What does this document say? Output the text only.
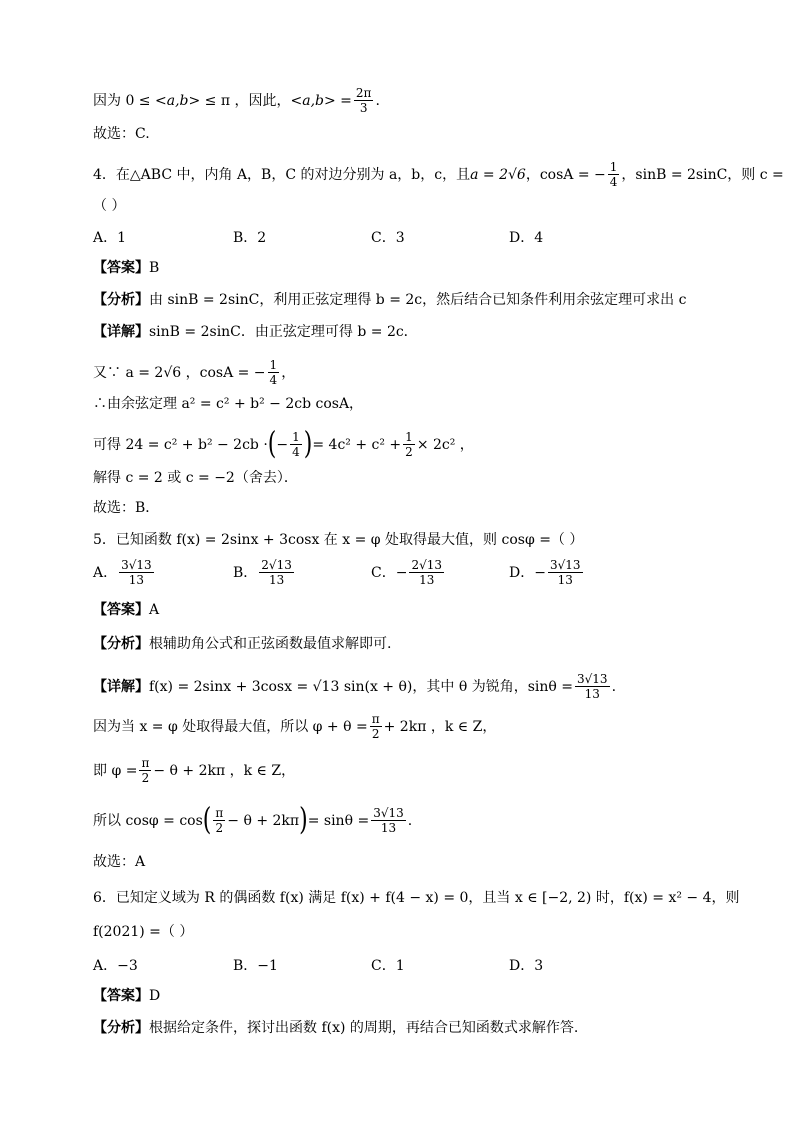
因为 0 ≤ < a,b > ≤ π ，因此，< a,b > = $\frac{2\pi}{3}$ .
故选：C.
4．在△ABC 中，内角 A，B，C 的对边分别为 a，b，c，且 a = 2√6 ，cosA = − $\frac{1}{4}$ ，sinB = 2sinC，则 c =
（ ）
A．1	B．2	C．3	D．4
【答案】 B
【分析】 由 sinB = 2sinC，利用正弦定理得 b = 2c，然后结合已知条件利用余弦定理可求出 c
【详解】 sinB = 2sinC．由正弦定理可得 b = 2c．
又∵ a = 2√6 ，cosA = − $\frac{1}{4}$ ，
∴由余弦定理 a² = c² + b² − 2cb cosA，
可得 24 = c² + b² − 2cb · ( − $\frac{1}{4}$ ) = $4c^2 + c^2 + \frac{1}{2} \times 2c^2$ ，
解得 c = 2 或 c = −2（舍去）．
故选：B．
5．已知函数 f(x) = 2sinx + 3cosx 在 x = φ 处取得最大值，则 cosφ =（ ）
A． $\frac{3√13}{13}$	B． $\frac{2√13}{13}$	C．− $\frac{2√13}{13}$	D．− $\frac{3√13}{13}$
【答案】 A
【分析】 根辅助角公式和正弦函数最值求解即可.
【详解】 f(x) = 2sinx + 3cosx = √13 sin(x + θ)，其中 θ 为锐角，$\sin\theta = \frac{3√13}{13}$ .
因为当 x = φ 处取得最大值，所以 $\varphi + \theta = \frac{\pi}{2} + 2k\pi$ ，k ∈ Z，
即 $\varphi = \frac{\pi}{2} - \theta + 2k\pi$ ，k ∈ Z，
所以 cosφ = cos ( $\frac{\pi}{2} - \theta + 2k\pi$ ) = $\sin\theta = \frac{3√13}{13}$ .
故选：A
6．已知定义域为 R 的偶函数 f(x) 满足 f(x) + f(4 − x) = 0，且当 x ∈ [−2, 2) 时，f(x) = x² − 4，则
f(2021) =（ ）
A．−3	B．−1	C．1	D．3
【答案】 D
【分析】 根据给定条件，探讨出函数 f(x) 的周期，再结合已知函数式求解作答.
